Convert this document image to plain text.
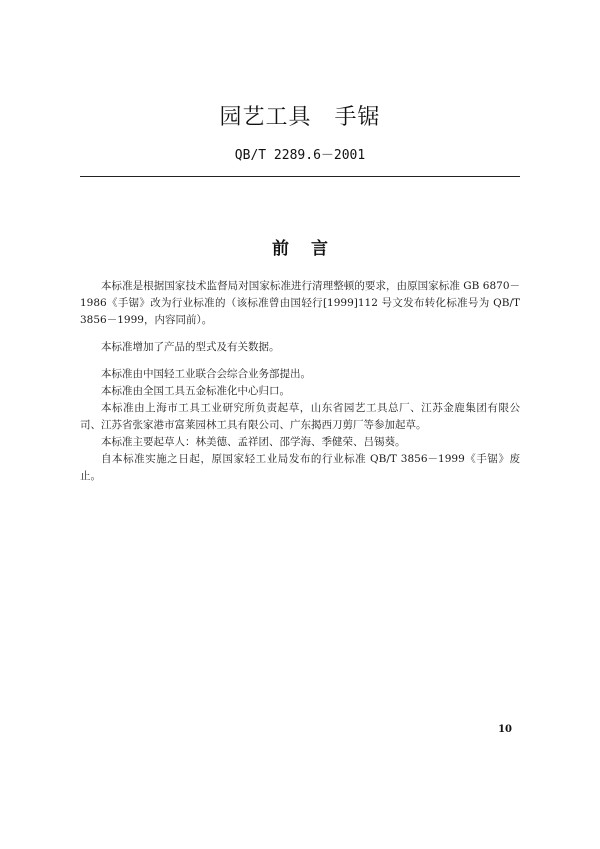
园艺工具　手锯
QB/T 2289.6－2001
前 言

本标准是根据国家技术监督局对国家标准进行清理整顿的要求，由原国家标准 GB 6870－1986《手锯》改为行业标准的（该标准曾由国轻行[1999]112 号文发布转化标准号为 QB/T 3856－1999，内容同前）。

本标准增加了产品的型式及有关数据。

本标准由中国轻工业联合会综合业务部提出。

本标准由全国工具五金标准化中心归口。

本标准由上海市工具工业研究所负责起草，山东省园艺工具总厂、江苏金鹿集团有限公司、江苏省张家港市富莱园林工具有限公司、广东揭西刀剪厂等参加起草。

本标准主要起草人：林美德、孟祥团、邵学海、季健荣、吕锡葵。

自本标准实施之日起，原国家轻工业局发布的行业标准 QB/T 3856－1999《手锯》废止。

10
